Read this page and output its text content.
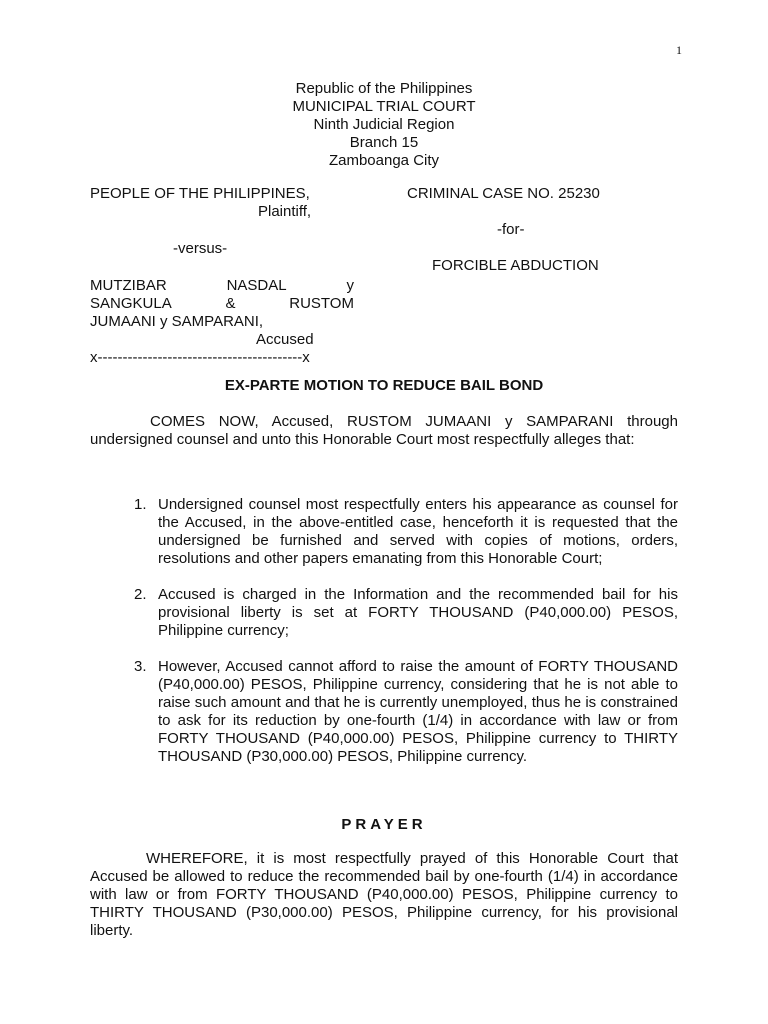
1
Republic of the Philippines
MUNICIPAL TRIAL COURT
Ninth Judicial Region
Branch 15
Zamboanga City
PEOPLE OF THE PHILIPPINES,
Plaintiff,
-versus-
MUTZIBAR	NASDAL	y
SANGKULA	&	RUSTOM
JUMAANI y SAMPARANI,
Accused
x-----------------------------------------x
CRIMINAL CASE NO. 25230
-for-
FORCIBLE ABDUCTION
EX-PARTE MOTION TO REDUCE BAIL BOND

COMES NOW, Accused, RUSTOM JUMAANI y SAMPARANI through undersigned counsel and unto this Honorable Court most respectfully alleges that:

1. Undersigned counsel most respectfully enters his appearance as counsel for the Accused, in the above-entitled case, henceforth it is requested that the undersigned be furnished and served with copies of motions, orders, resolutions and other papers emanating from this Honorable Court;
2. Accused is charged in the Information and the recommended bail for his provisional liberty is set at FORTY THOUSAND (P40,000.00) PESOS, Philippine currency;
3. However, Accused cannot afford to raise the amount of FORTY THOUSAND (P40,000.00) PESOS, Philippine currency, considering that he is not able to raise such amount and that he is currently unemployed, thus he is constrained to ask for its reduction by one-fourth (1/4) in accordance with law or from FORTY THOUSAND (P40,000.00) PESOS, Philippine currency to THIRTY THOUSAND (P30,000.00) PESOS, Philippine currency.
PRAYER

WHEREFORE, it is most respectfully prayed of this Honorable Court that Accused be allowed to reduce the recommended bail by one-fourth (1/4) in accordance with law or from FORTY THOUSAND (P40,000.00) PESOS, Philippine currency to THIRTY THOUSAND (P30,000.00) PESOS, Philippine currency, for his provisional liberty.
